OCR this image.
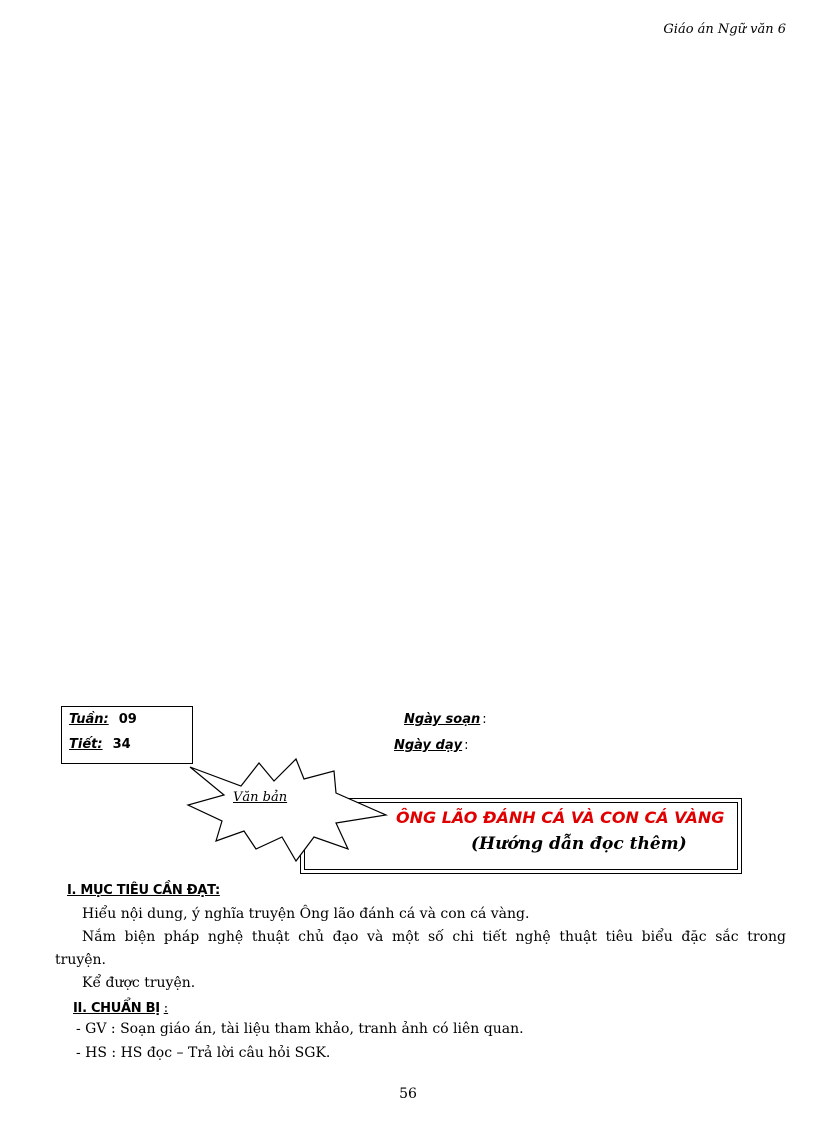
Giáo án Ngữ văn 6
Tuần: 09
Tiết: 34
Ngày soạn :
Ngày dạy :
Văn bản
ÔNG LÃO ĐÁNH CÁ VÀ CON CÁ VÀNG
(Hướng dẫn đọc thêm)
I. MỤC TIÊU CẦN ĐẠT:
Hiểu nội dung, ý nghĩa truyện Ông lão đánh cá và con cá vàng.
Nắm biện pháp nghệ thuật chủ đạo và một số chi tiết nghệ thuật tiêu biểu đặc sắc trong
truyện.
Kể được truyện.
II. CHUẨN BỊ :
- GV : Soạn giáo án, tài liệu tham khảo, tranh ảnh có liên quan.
- HS : HS đọc – Trả lời câu hỏi SGK.
56
